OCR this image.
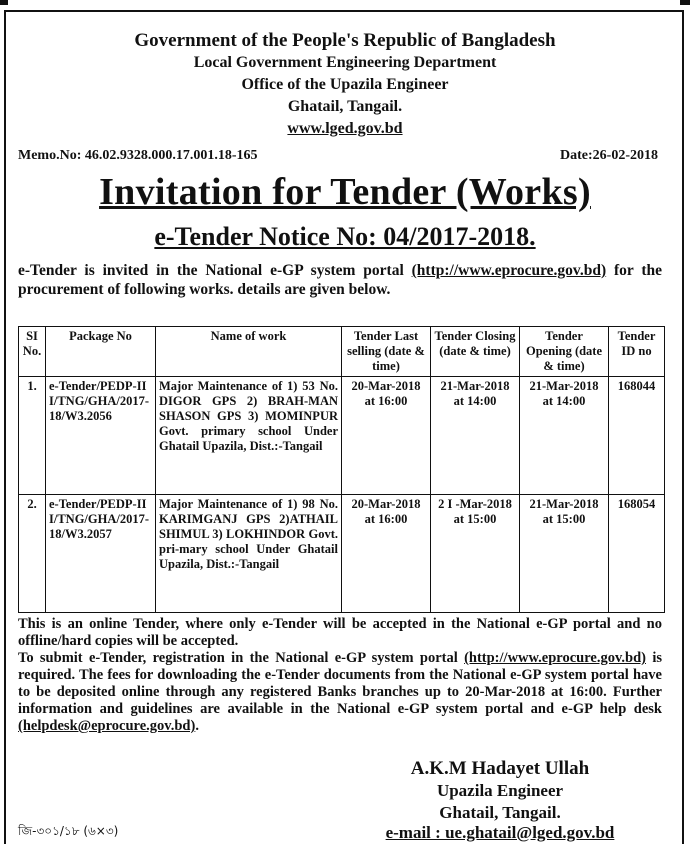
Government of the People's Republic of Bangladesh
Local Government Engineering Department
Office of the Upazila Engineer
Ghatail, Tangail.
www.lged.gov.bd
Memo.No: 46.02.9328.000.17.001.18-165	Date:26-02-2018
Invitation for Tender (Works)
e-Tender Notice No: 04/2017-2018.
e-Tender is invited in the National e-GP system portal (http://www.eprocure.gov.bd) for the procurement of following works. details are given below.
SI No.	Package No	Name of work	Tender Last selling (date & time)	Tender Closing (date & time)	Tender Opening (date & time)	Tender ID no
1.	e-Tender/PEDP-III/TNG/GHA/2017-18/W3.2056	Major Maintenance of 1) 53 No. DIGOR GPS 2) BRAH-MAN SHASON GPS 3) MOMINPUR Govt. primary school Under Ghatail Upazila, Dist.:-Tangail	20-Mar-2018 at 16:00	21-Mar-2018 at 14:00	21-Mar-2018 at 14:00	168044
2.	e-Tender/PEDP-III/TNG/GHA/2017-18/W3.2057	Major Maintenance of 1) 98 No. KARIMGANJ GPS 2)ATHAIL SHIMUL 3) LOKHINDOR Govt. pri-mary school Under Ghatail Upazila, Dist.:-Tangail	20-Mar-2018 at 16:00	2 I -Mar-2018 at 15:00	21-Mar-2018 at 15:00	168054

This is an online Tender, where only e-Tender will be accepted in the National e-GP portal and no offline/hard copies will be accepted.

To submit e-Tender, registration in the National e-GP system portal (http://www.eprocure.gov.bd) is required. The fees for downloading the e-Tender documents from the National e-GP system portal have to be deposited online through any registered Banks branches up to 20-Mar-2018 at 16:00. Further information and guidelines are available in the National e-GP system portal and e-GP help desk (helpdesk@eprocure.gov.bd).

A.K.M Hadayet Ullah
Upazila Engineer
Ghatail, Tangail.
e-mail : ue.ghatail@lged.gov.bd
জি-৩০১/১৮ (৬×৩)
